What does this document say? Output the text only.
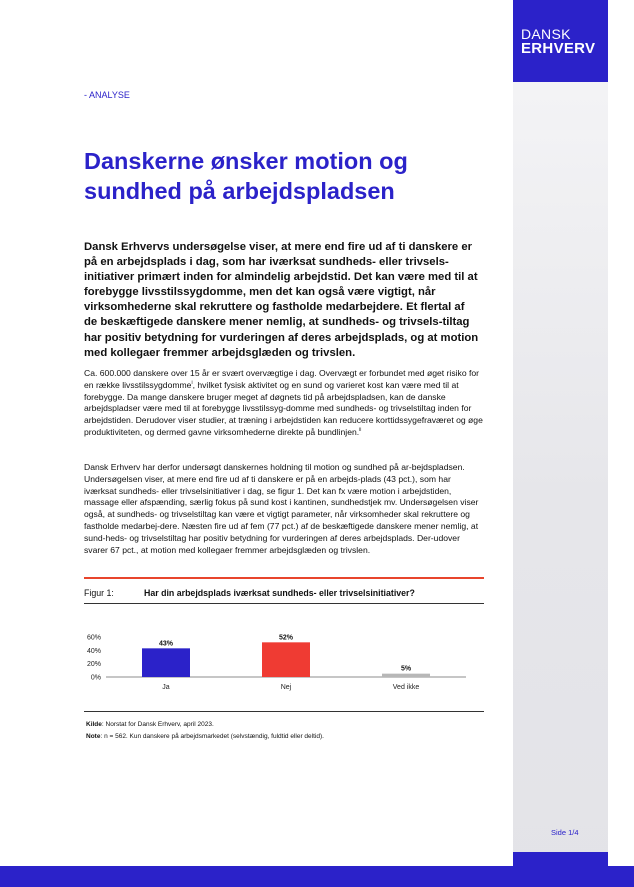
DANSK
ERHVERV
- ANALYSE
Danskerne ønsker motion og sundhed på arbejdspladsen

Dansk Erhvervs undersøgelse viser, at mere end fire ud af ti danskere er på en arbejdsplads i dag, som har iværksat sundheds- eller trivsels-initiativer primært inden for almindelig arbejdstid. Det kan være med til at forebygge livsstilssygdomme, men det kan også være vigtigt, når virksomhederne skal rekruttere og fastholde medarbejdere. Et flertal af de beskæftigede danskere mener nemlig, at sundheds- og trivsels-tiltag har positiv betydning for vurderingen af deres arbejdsplads, og at motion med kollegaer fremmer arbejdsglæden og trivslen.

Ca. 600.000 danskere over 15 år er svært overvægtige i dag. Overvægt er forbundet med øget risiko for en række livsstilssygdomme$^i$, hvilket fysisk aktivitet og en sund og varieret kost kan være med til at forebygge. Da mange danskere bruger meget af døgnets tid på arbejdspladsen, kan de danske arbejdspladser være med til at forebygge livsstilssyg-domme med sundheds- og trivselstiltag inden for arbejdstiden. Derudover viser studier, at træning i arbejdstiden kan reducere korttidssygefraværet og øge produktiviteten, og dermed gavne virksomhederne direkte på bundlinjen.$^{ii}$

Dansk Erhverv har derfor undersøgt danskernes holdning til motion og sundhed på ar-bejdspladsen. Undersøgelsen viser, at mere end fire ud af ti danskere er på en arbejds-plads (43 pct.), som har iværksat sundheds- eller trivselsinitiativer i dag, se figur 1. Det kan fx være motion i arbejdstiden, massage eller afspænding, særlig fokus på sund kost i kantinen, sundhedstjek mv. Undersøgelsen viser også, at sundheds- og trivselstiltag kan være et vigtigt parameter, når virksomheder skal rekruttere og fastholde medarbej-dere. Næsten fire ud af fem (77 pct.) af de beskæftigede danskere mener nemlig, at sund-heds- og trivselstiltag har positiv betydning for vurderingen af deres arbejdsplads. Der-udover svarer 67 pct., at motion med kollegaer fremmer arbejdsglæden og trivslen.

Figur 1:	Har din arbejdsplads iværksat sundheds- eller trivselsinitiativer?
0%
20%
40%
60%
43%
Ja
52%
Nej
5%
Ved ikke
Kilde: Norstat for Dansk Erhverv, april 2023.
Note: n = 562. Kun danskere på arbejdsmarkedet (selvstændig, fuldtid eller deltid).
Side 1/4
